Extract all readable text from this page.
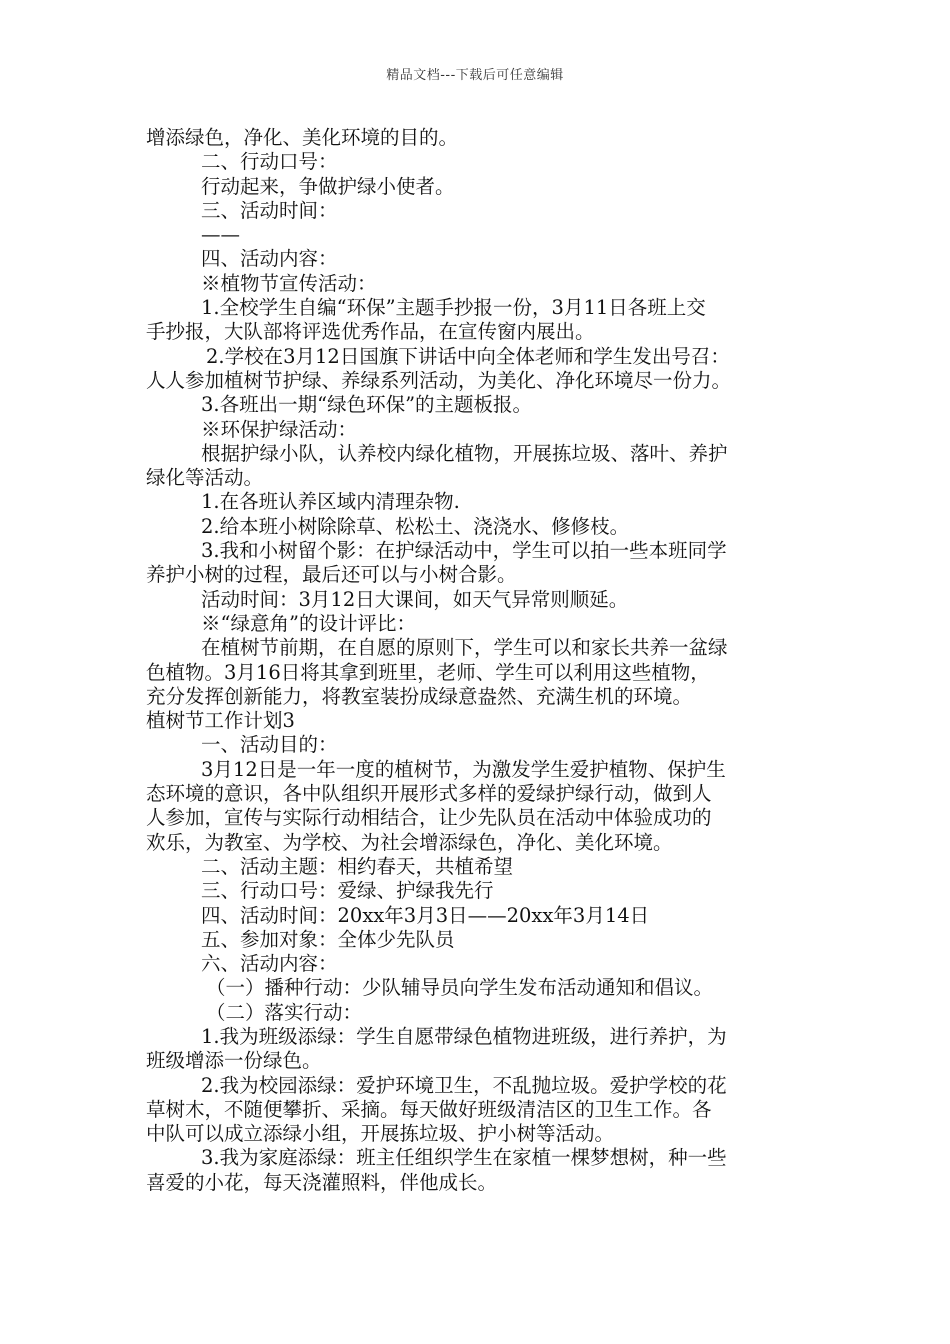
精品文档---下载后可任意编辑
增添绿色，净化、美化环境的目的。
二、行动口号：
行动起来，争做护绿小使者。
三、活动时间：
——
四、活动内容：
※植物节宣传活动：
1.全校学生自编“环保”主题手抄报一份，3月11日各班上交
手抄报，大队部将评选优秀作品，在宣传窗内展出。
2.学校在3月12日国旗下讲话中向全体老师和学生发出号召：
人人参加植树节护绿、养绿系列活动，为美化、净化环境尽一份力。
3.各班出一期“绿色环保”的主题板报。
※环保护绿活动：
根据护绿小队，认养校内绿化植物，开展拣垃圾、落叶、养护
绿化等活动。
1.在各班认养区域内清理杂物.
2.给本班小树除除草、松松土、浇浇水、修修枝。
3.我和小树留个影：在护绿活动中，学生可以拍一些本班同学
养护小树的过程，最后还可以与小树合影。
活动时间：3月12日大课间，如天气异常则顺延。
※“绿意角”的设计评比：
在植树节前期，在自愿的原则下，学生可以和家长共养一盆绿
色植物。3月16日将其拿到班里，老师、学生可以利用这些植物，
充分发挥创新能力，将教室装扮成绿意盎然、充满生机的环境。
植树节工作计划3
一、活动目的：
3月12日是一年一度的植树节，为激发学生爱护植物、保护生
态环境的意识，各中队组织开展形式多样的爱绿护绿行动，做到人
人参加，宣传与实际行动相结合，让少先队员在活动中体验成功的
欢乐，为教室、为学校、为社会增添绿色，净化、美化环境。
二、活动主题：相约春天，共植希望
三、行动口号：爱绿、护绿我先行
四、活动时间：20xx年3月3日——20xx年3月14日
五、参加对象：全体少先队员
六、活动内容：
（一）播种行动：少队辅导员向学生发布活动通知和倡议。
（二）落实行动：
1.我为班级添绿：学生自愿带绿色植物进班级，进行养护，为
班级增添一份绿色。
2.我为校园添绿：爱护环境卫生，不乱抛垃圾。爱护学校的花
草树木，不随便攀折、采摘。每天做好班级清洁区的卫生工作。各
中队可以成立添绿小组，开展拣垃圾、护小树等活动。
3.我为家庭添绿：班主任组织学生在家植一棵梦想树，种一些
喜爱的小花，每天浇灌照料，伴他成长。
